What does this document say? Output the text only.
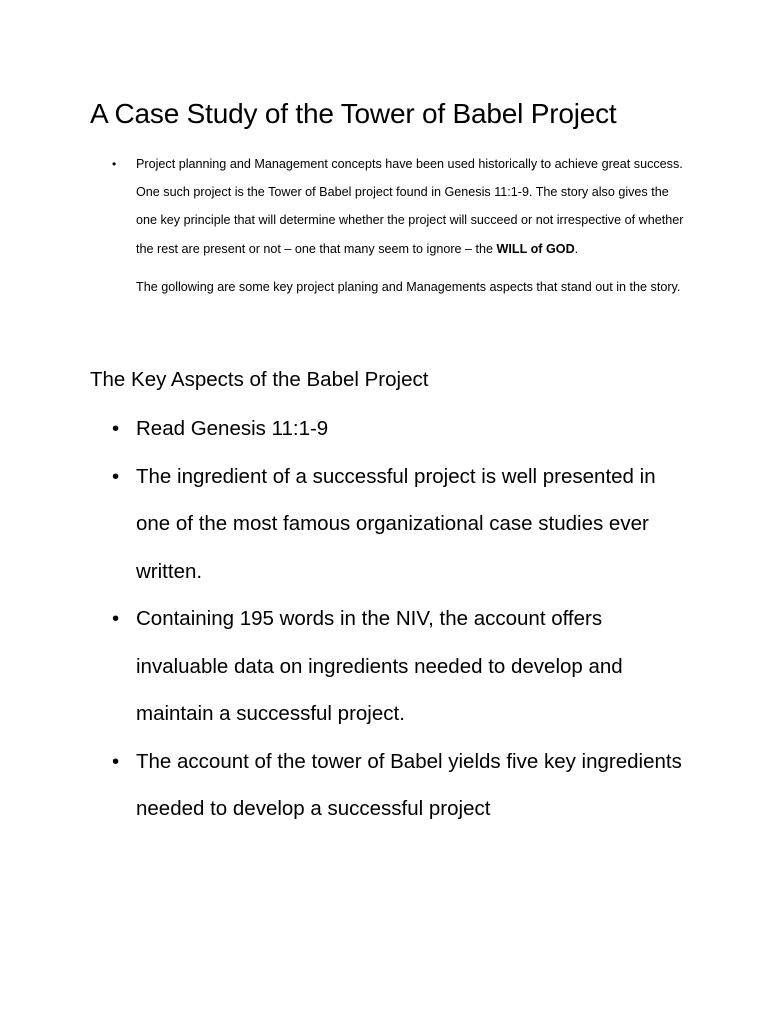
A Case Study of the Tower of Babel Project
• Project planning and Management concepts have been used historically to achieve great success. One such project is the Tower of Babel project found in Genesis 11:1-9. The story also gives the one key principle that will determine whether the project will succeed or not irrespective of whether the rest are present or not – one that many seem to ignore – the WILL of GOD.
The gollowing are some key project planing and Managements aspects that stand out in the story.
The Key Aspects of the Babel Project
• Read Genesis 11:1-9
• The ingredient of a successful project is well presented in one of the most famous organizational case studies ever written.
• Containing 195 words in the NIV, the account offers invaluable data on ingredients needed to develop and maintain a successful project.
• The account of the tower of Babel yields five key ingredients needed to develop a successful project
